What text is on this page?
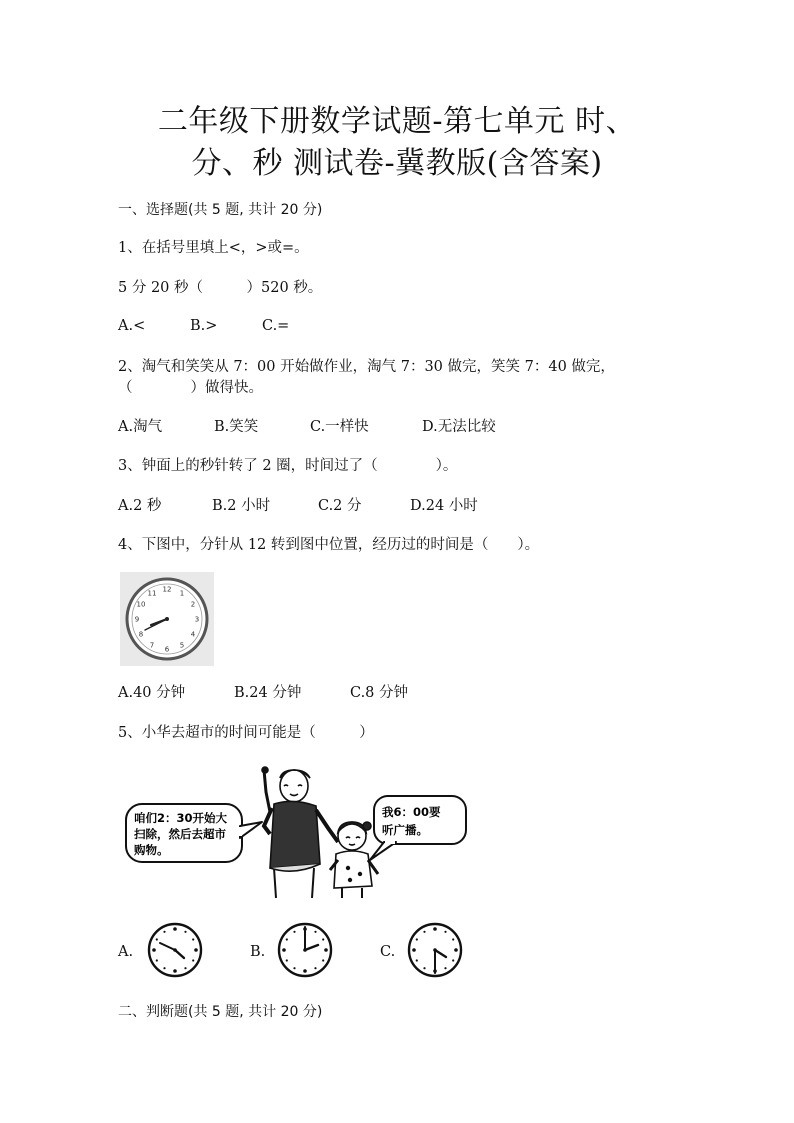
二年级下册数学试题-第七单元 时、
分、秒 测试卷-冀教版(含答案)
一、选择题(共 5 题, 共计 20 分)
1、在括号里填上<，>或=。
5 分 20 秒（　　　）520 秒。
A.<	B.>	C.=
2、淘气和笑笑从 7：00 开始做作业，淘气 7：30 做完，笑笑 7：40 做完，
（　　　　）做得快。
A.淘气	B.笑笑	C.一样快	D.无法比较
3、钟面上的秒针转了 2 圈，时间过了（　　　　）。
A.2 秒	B.2 小时	C.2 分	D.24 小时
4、下图中，分针从 12 转到图中位置，经历过的时间是（　　）。
12 1
2
3
4
5
6
7
8
9
10
11
A.40 分钟	B.24 分钟	C.8 分钟
5、小华去超市的时间可能是（　　　）
咱们2：30开始大
扫除，然后去超市
购物。
我6：00要
听广播。
A.	B.	C.
二、判断题(共 5 题, 共计 20 分)
